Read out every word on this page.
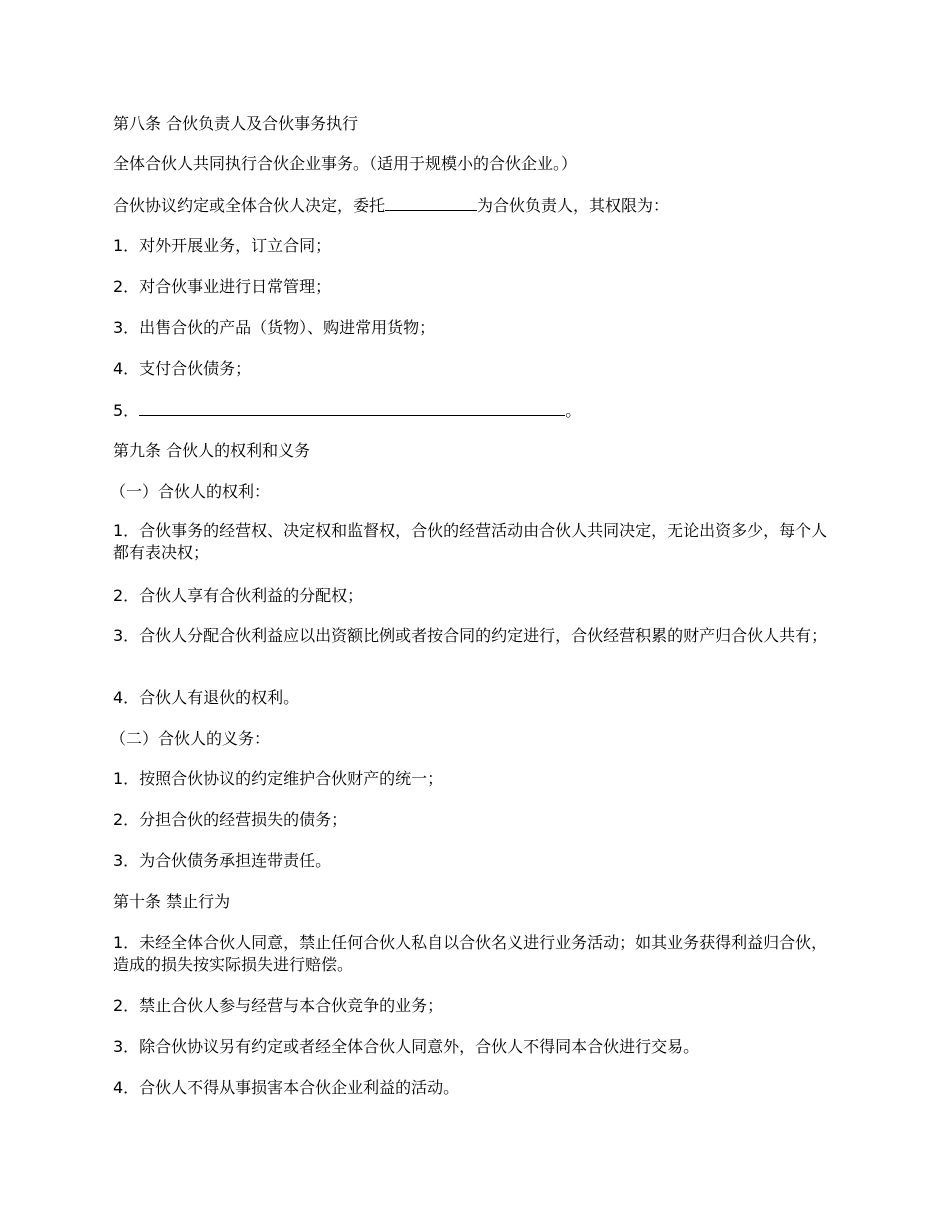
第八条 合伙负责人及合伙事务执行
全体合伙人共同执行合伙企业事务。（适用于规模小的合伙企业。）
合伙协议约定或全体合伙人决定，委托	为合伙负责人，其权限为：
1．对外开展业务，订立合同；
2．对合伙事业进行日常管理；
3．出售合伙的产品（货物）、购进常用货物；
4．支付合伙债务；
5．	。
第九条 合伙人的权利和义务
（一）合伙人的权利：
1．合伙事务的经营权、决定权和监督权，合伙的经营活动由合伙人共同决定，无论出资多少，每个人都有表决权；
2．合伙人享有合伙利益的分配权；
3．合伙人分配合伙利益应以出资额比例或者按合同的约定进行，合伙经营积累的财产归合伙人共有；
4．合伙人有退伙的权利。
（二）合伙人的义务：
1．按照合伙协议的约定维护合伙财产的统一；
2．分担合伙的经营损失的债务；
3．为合伙债务承担连带责任。
第十条 禁止行为
1．未经全体合伙人同意，禁止任何合伙人私自以合伙名义进行业务活动；如其业务获得利益归合伙，造成的损失按实际损失进行赔偿。
2．禁止合伙人参与经营与本合伙竞争的业务；
3．除合伙协议另有约定或者经全体合伙人同意外，合伙人不得同本合伙进行交易。
4．合伙人不得从事损害本合伙企业利益的活动。
